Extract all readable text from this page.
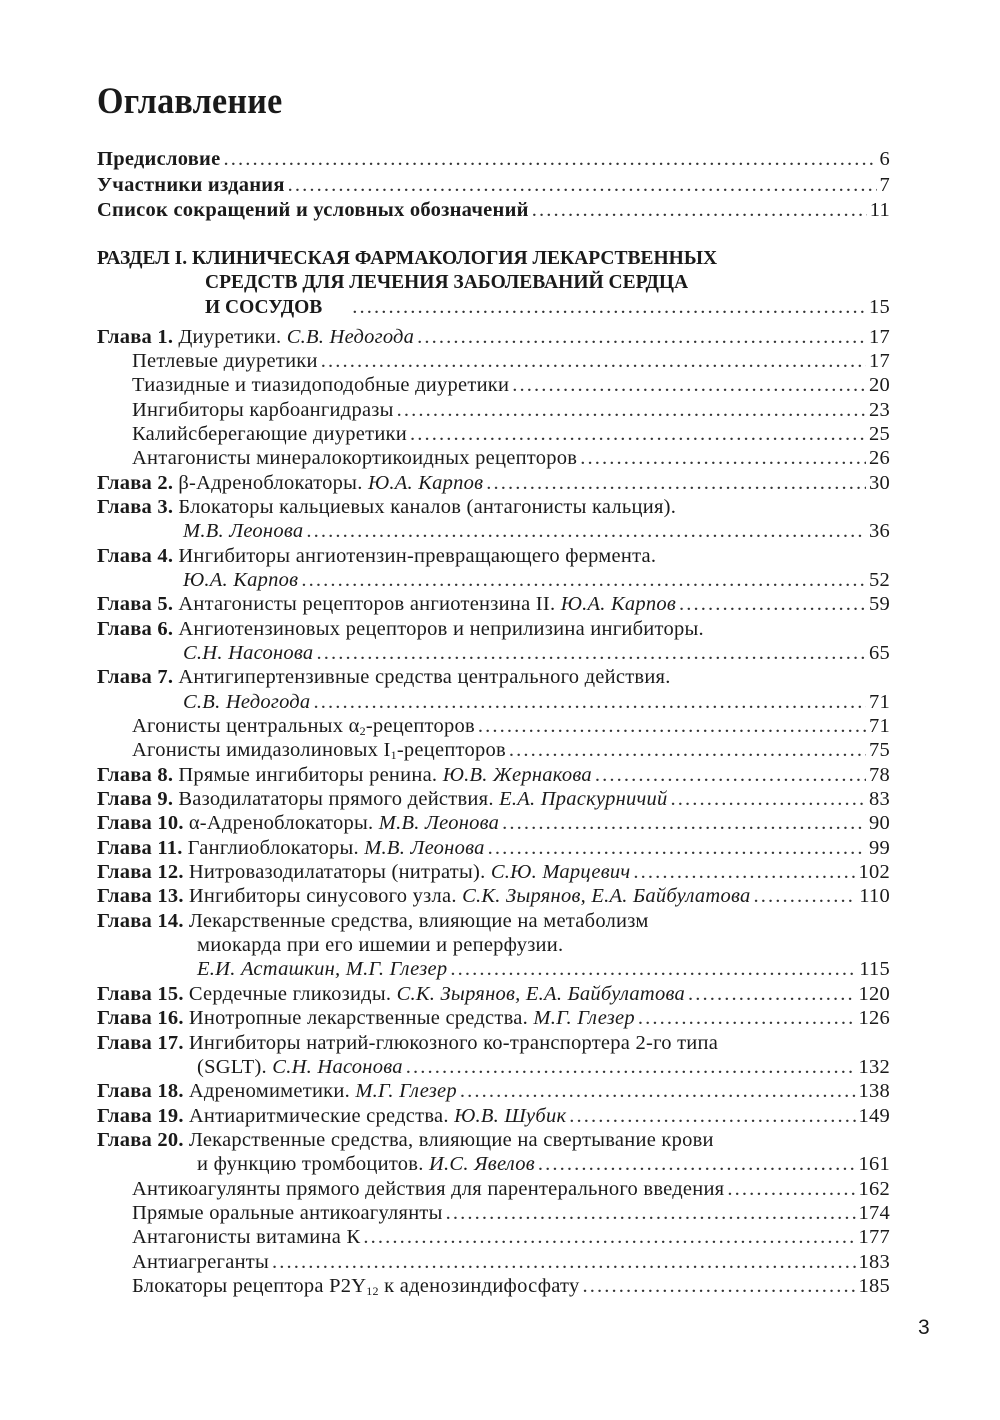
Оглавление
Предисловие . . .	6
Участники издания . . .	7
Список сокращений и условных обозначений . . .	11
РАЗДЕЛ I. КЛИНИЧЕСКАЯ ФАРМАКОЛОГИЯ ЛЕКАРСТВЕННЫХ
СРЕДСТВ ДЛЯ ЛЕЧЕНИЯ ЗАБОЛЕВАНИЙ СЕРДЦА
И СОСУДОВ . . .	15
Глава 1. Диуретики. С.В. Недогода . . .	17
Петлевые диуретики . . .	17
Тиазидные и тиазидоподобные диуретики . . .	20
Ингибиторы карбоангидразы . . .	23
Калийсберегающие диуретики . . .	25
Антагонисты минералокортикоидных рецепторов . . .	26
Глава 2. β-Адреноблокаторы. Ю.А. Карпов . . .	30
Глава 3. Блокаторы кальциевых каналов (антагонисты кальция).
М.В. Леонова . . .	36
Глава 4. Ингибиторы ангиотензин-превращающего фермента.
Ю.А. Карпов . . .	52
Глава 5. Антагонисты рецепторов ангиотензина II. Ю.А. Карпов . . .	59
Глава 6. Ангиотензиновых рецепторов и неприлизина ингибиторы.
С.Н. Насонова . . .	65
Глава 7. Антигипертензивные средства центрального действия.
С.В. Недогода . . .	71
Агонисты центральных $\alpha_2$-рецепторов . . .	71
Агонисты имидазолиновых $I_1$-рецепторов . . .	75
Глава 8. Прямые ингибиторы ренина. Ю.В. Жернакова . . .	78
Глава 9. Вазодилататоры прямого действия. Е.А. Праскурничий . . .	83
Глава 10. α-Адреноблокаторы. М.В. Леонова . . .	90
Глава 11. Ганглиоблокаторы. М.В. Леонова . . .	99
Глава 12. Нитровазодилататоры (нитраты). С.Ю. Марцевич . . .	102
Глава 13. Ингибиторы синусового узла. С.К. Зырянов, Е.А. Байбулатова . . .	110
Глава 14. Лекарственные средства, влияющие на метаболизм
миокарда при его ишемии и реперфузии.
Е.И. Асташкин, М.Г. Глезер . . .	115
Глава 15. Сердечные гликозиды. С.К. Зырянов, Е.А. Байбулатова . . .	120
Глава 16. Инотропные лекарственные средства. М.Г. Глезер . . .	126
Глава 17. Ингибиторы натрий-глюкозного ко-транспортера 2-го типа
(SGLT). С.Н. Насонова . . .	132
Глава 18. Адреномиметики. М.Г. Глезер . . .	138
Глава 19. Антиаритмические средства. Ю.В. Шубик . . .	149
Глава 20. Лекарственные средства, влияющие на свертывание крови
и функцию тромбоцитов. И.С. Явелов . . .	161
Антикоагулянты прямого действия для парентерального введения . . .	162
Прямые оральные антикоагулянты . . .	174
Антагонисты витамина К . . .	177
Антиагреганты . . .	183
Блокаторы рецептора $P2Y_{12}$ к аденозиндифосфату . . .	185
3
